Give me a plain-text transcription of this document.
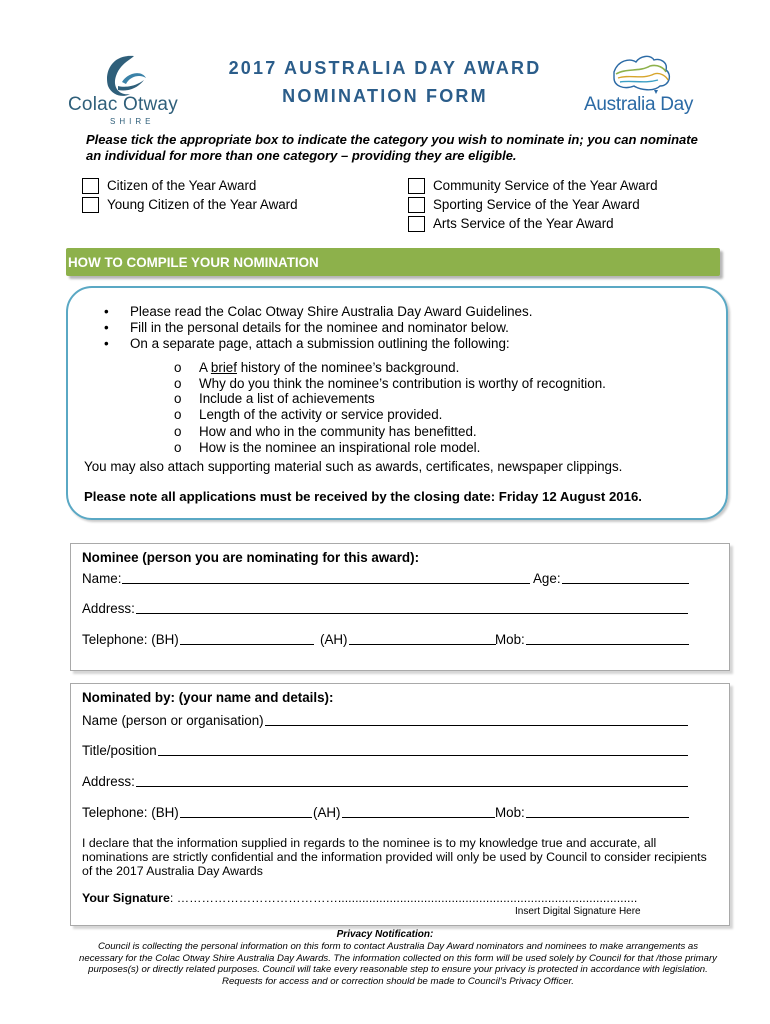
Colac Otway
SHIRE
2017 AUSTRALIA DAY AWARD
NOMINATION FORM	Australia Day
Please tick the appropriate box to indicate the category you wish to nominate in; you can nominate an individual for more than one category – providing they are eligible.
Citizen of the Year Award
Young Citizen of the Year Award
Community Service of the Year Award
Sporting Service of the Year Award
Arts Service of the Year Award
HOW TO COMPILE YOUR NOMINATION
•	Please read the Colac Otway Shire Australia Day Award Guidelines.
•	Fill in the personal details for the nominee and nominator below.
•	On a separate page, attach a submission outlining the following:
o	A brief history of the nominee’s background.
o	Why do you think the nominee’s contribution is worthy of recognition.
o	Include a list of achievements
o	Length of the activity or service provided.
o	How and who in the community has benefitted.
o	How is the nominee an inspirational role model.
You may also attach supporting material such as awards, certificates, newspaper clippings.
Please note all applications must be received by the closing date: Friday 12 August 2016.
Nominee (person you are nominating for this award):
Name:	Age:
Address:
Telephone: (BH)	(AH)	Mob:
Nominated by: (your name and details):
Name (person or organisation)
Title/position
Address:
Telephone: (BH)	(AH)	Mob:
I declare that the information supplied in regards to the nominee is to my knowledge true and accurate, all nominations are strictly confidential and the information provided will only be used by Council to consider recipients of the 2017 Australia Day Awards
Your Signature: ………………………………….......................................................................................
Insert Digital Signature Here
Privacy Notification:
Council is collecting the personal information on this form to contact Australia Day Award nominators and nominees to make arrangements as necessary for the Colac Otway Shire Australia Day Awards. The information collected on this form will be used solely by Council for that /those primary purposes(s) or directly related purposes. Council will take every reasonable step to ensure your privacy is protected in accordance with legislation. Requests for access and or correction should be made to Council’s Privacy Officer.
